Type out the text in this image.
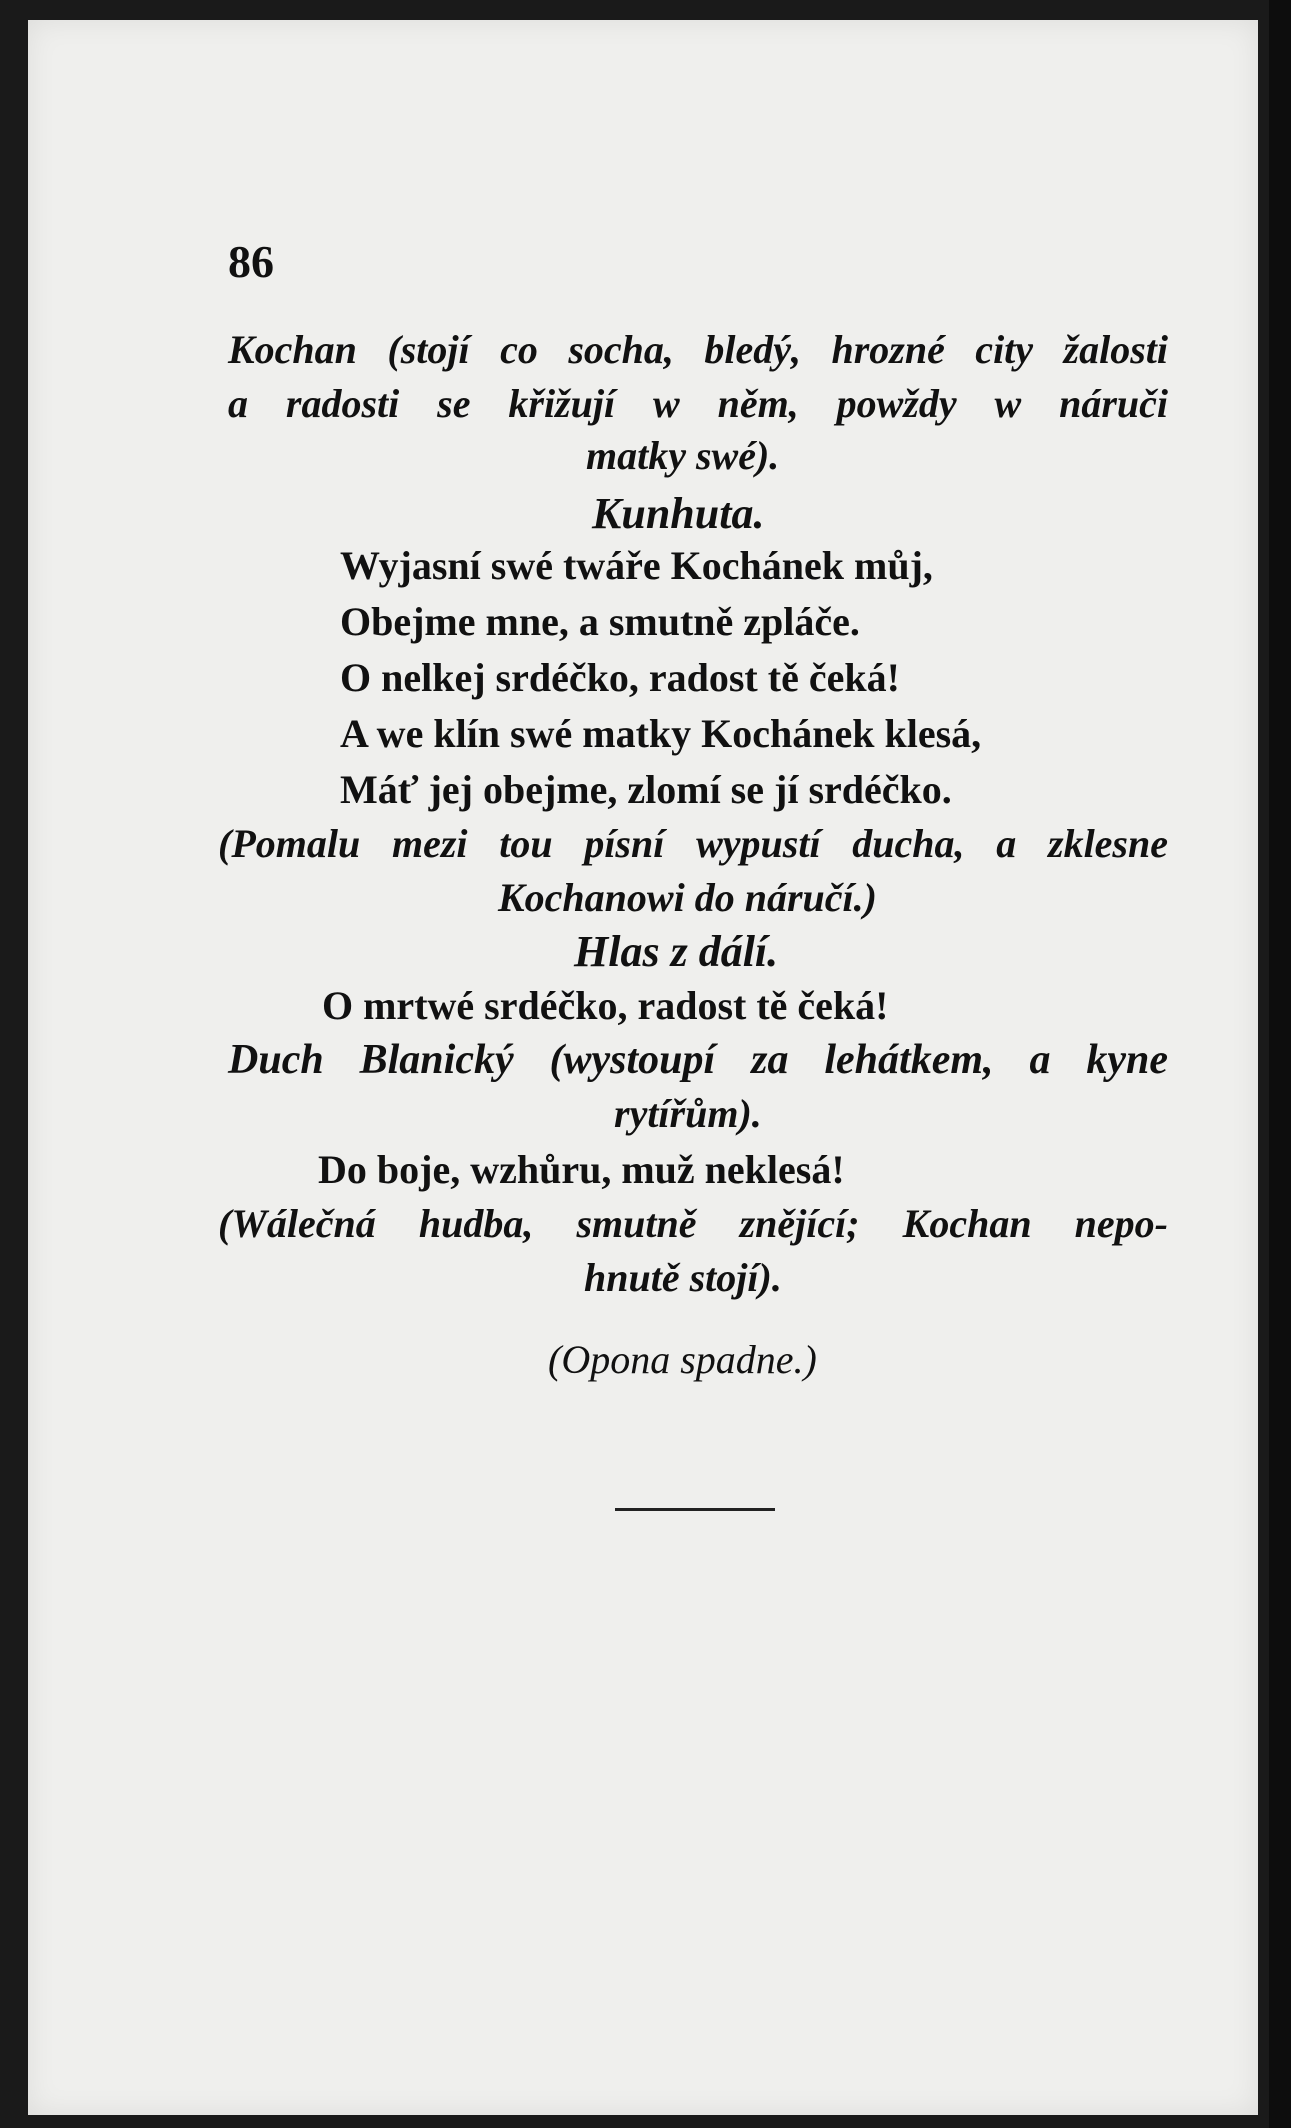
86
Kochan (stojí co socha, bledý, hrozné city žalosti
a radosti se křižují w něm, powždy w náruči
matky swé).
Kunhuta.
Wyjasní swé twáře Kochánek můj,
Obejme mne, a smutně zpláče.
O nelkej srdéčko, radost tě čeká!
A we klín swé matky Kochánek klesá,
Máť jej obejme, zlomí se jí srdéčko.
(Pomalu mezi tou písní wypustí ducha, a zklesne
Kochanowi do náručí.)
Hlas z dálí.
O mrtwé srdéčko, radost tě čeká!
Duch Blanický (wystoupí za lehátkem, a kyne
rytířům).
Do boje, wzhůru, muž neklesá!
(Wálečná hudba, smutně znějící; Kochan nepo-
hnutě stojí).
(Opona spadne.)
